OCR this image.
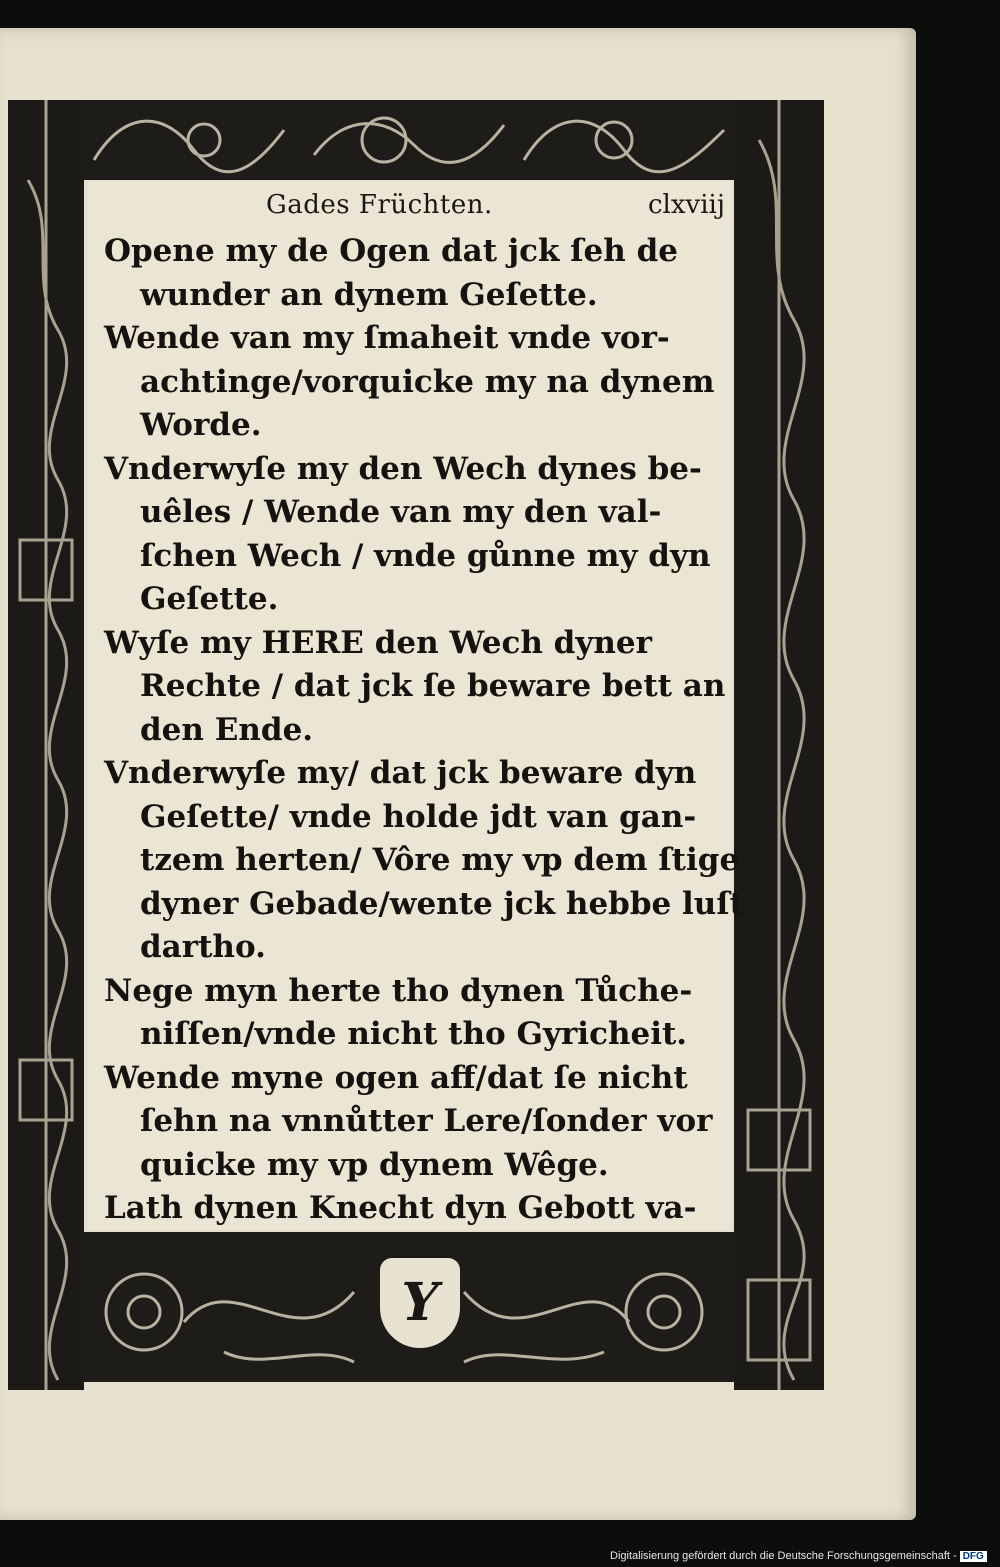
Gades Früchten.	clxviij
Opene my de Ogen dat jck ſeh de
wunder an dynem Geſette.
Wende van my ſmaheit vnde vor-
achtinge/vorquicke my na dynem
Worde.
Vnderwyſe my den Wech dynes be-
uêles / Wende van my den val-
ſchen Wech / vnde gůnne my dyn
Geſette.
Wyſe my HERE den Wech dyner
Rechte / dat jck ſe beware bett an
den Ende.
Vnderwyſe my/ dat jck beware dyn
Geſette/ vnde holde jdt van gan-
tzem herten/ Vôre my vp dem ſtige
dyner Gebade/wente jck hebbe luſt
dartho.
Nege myn herte tho dynen Tůche-
niſſen/vnde nicht tho Gyricheit.
Wende myne ogen aff/dat ſe nicht
ſehn na vnnůtter Lere/ſonder vor
quicke my vp dynem Wêge.
Lath dynen Knecht dyn Gebott va-
Y
Digitalisierung gefördert durch die Deutsche Forschungsgemeinschaft - DFG
